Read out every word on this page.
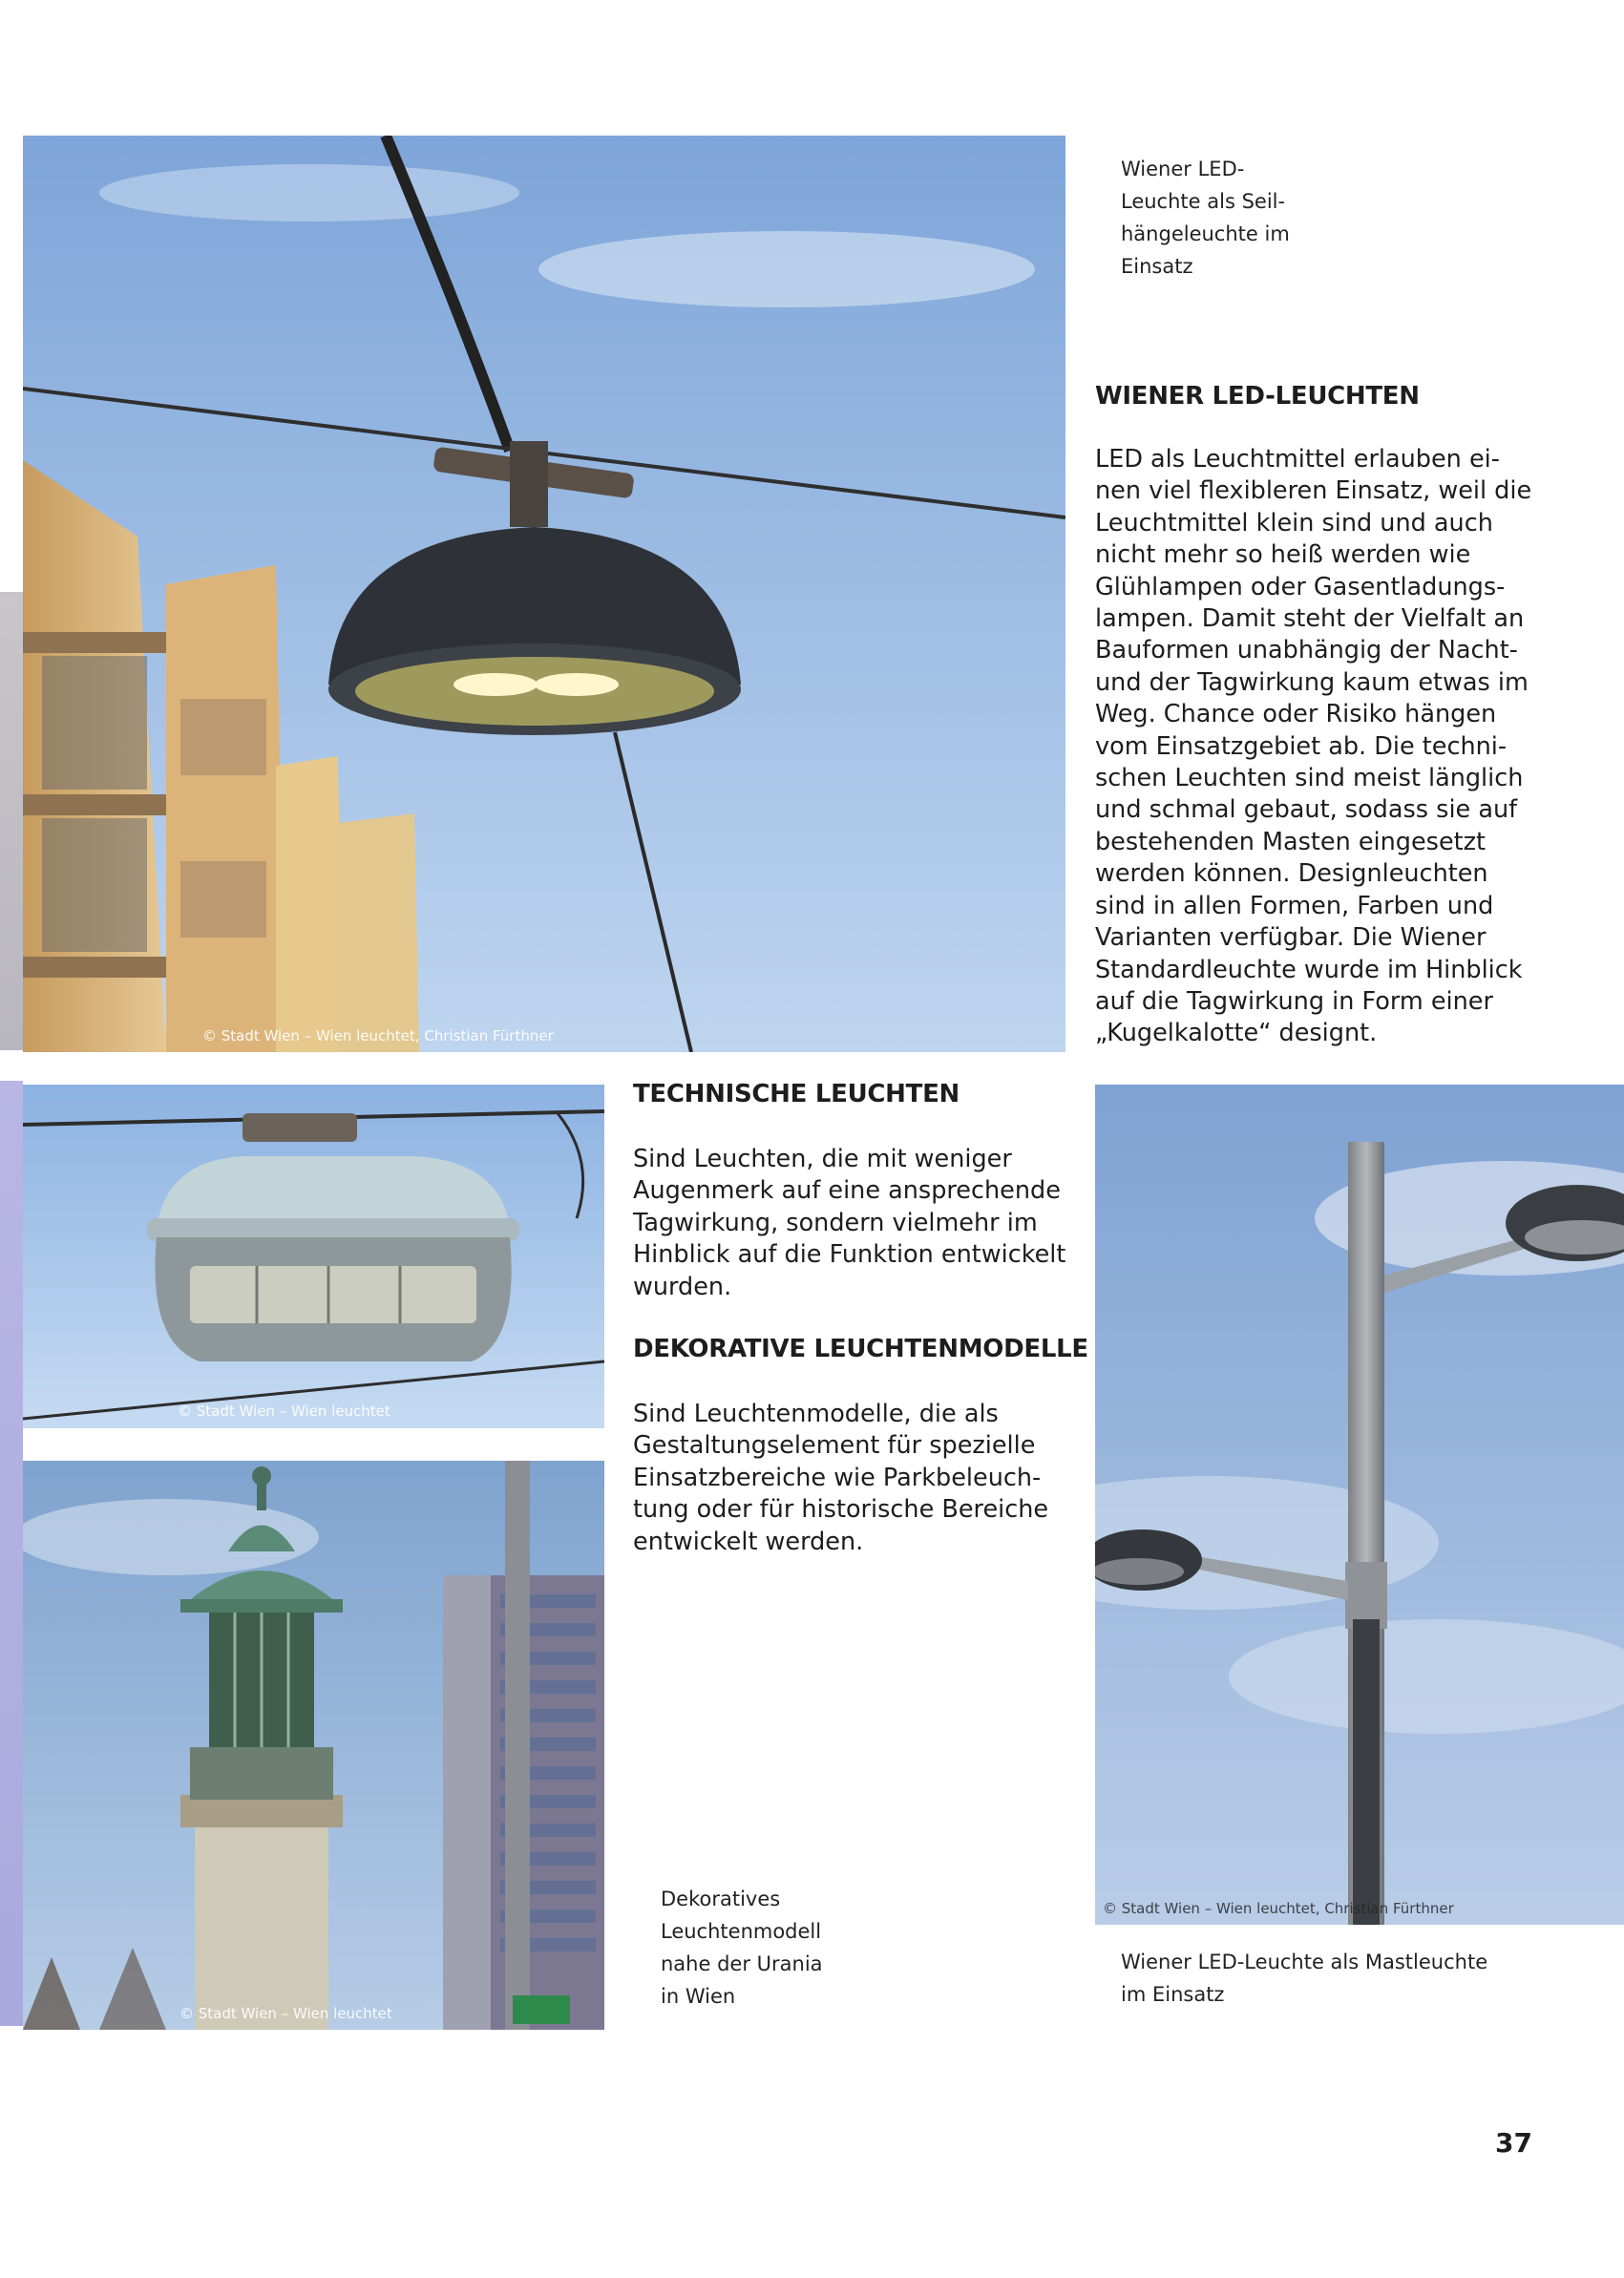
© Stadt Wien – Wien leuchtet, Christian Fürthner
Wiener LED-
Leuchte als Seil-
hängeleuchte im
Einsatz
WIENER LED-LEUCHTEN
LED als Leuchtmittel erlauben ei-
nen viel flexibleren Einsatz, weil die
Leuchtmittel klein sind und auch
nicht mehr so heiß werden wie
Glühlampen oder Gasentladungs-
lampen. Damit steht der Vielfalt an
Bauformen unabhängig der Nacht-
und der Tagwirkung kaum etwas im
Weg. Chance oder Risiko hängen
vom Einsatzgebiet ab. Die techni-
schen Leuchten sind meist länglich
und schmal gebaut, sodass sie auf
bestehenden Masten eingesetzt
werden können. Designleuchten
sind in allen Formen, Farben und
Varianten verfügbar. Die Wiener
Standardleuchte wurde im Hinblick
auf die Tagwirkung in Form einer
„Kugelkalotte“ designt.
© Stadt Wien – Wien leuchtet
TECHNISCHE LEUCHTEN
Sind Leuchten, die mit weniger
Augenmerk auf eine ansprechende
Tagwirkung, sondern vielmehr im
Hinblick auf die Funktion entwickelt
wurden.
DEKORATIVE LEUCHTENMODELLE
Sind Leuchtenmodelle, die als
Gestaltungselement für spezielle
Einsatzbereiche wie Parkbeleuch-
tung oder für historische Bereiche
entwickelt werden.
© Stadt Wien – Wien leuchtet
Dekoratives
Leuchtenmodell
nahe der Urania
in Wien
© Stadt Wien – Wien leuchtet, Christian Fürthner
Wiener LED-Leuchte als Mastleuchte
im Einsatz
37
